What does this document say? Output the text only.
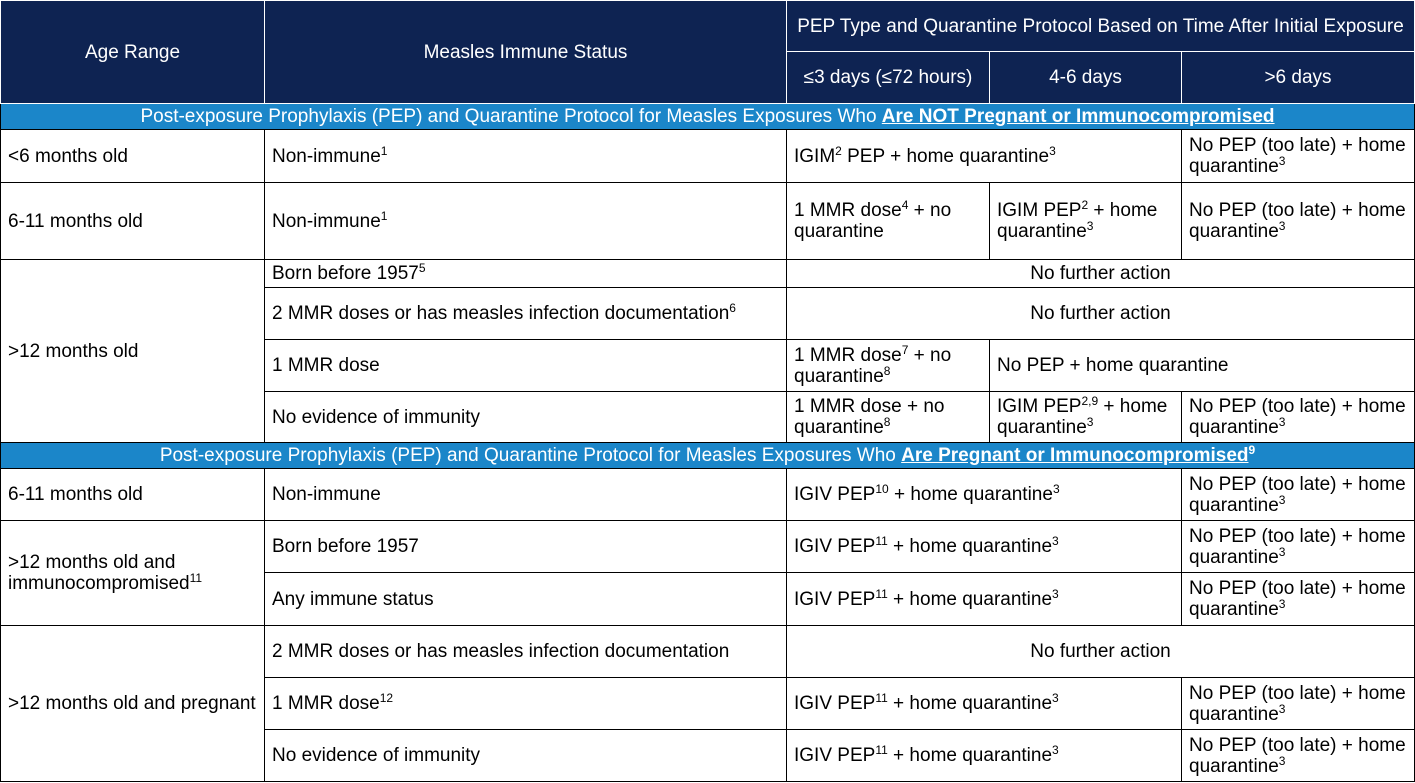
Age Range	Measles Immune Status	PEP Type and Quarantine Protocol Based on Time After Initial Exposure		
		≤3 days (≤72 hours)	4-6 days	>6 days
Post-exposure Prophylaxis (PEP) and Quarantine Protocol for Measles Exposures Who Are NOT Pregnant or Immunocompromised				
<6 months old	Non-immune$^1$	IGIM$^2$ PEP + home quarantine$^3$		No PEP (too late) + home quarantine$^3$
6-11 months old	Non-immune$^1$	1 MMR dose$^4$ + no quarantine	IGIM $PEP^2$ + home quarantine$^3$	No PEP (too late) + home quarantine$^3$
>12 months old	Born before 1957$^5$	No further action		
	2 MMR doses or has measles infection documentation$^6$	No further action		
	1 MMR dose	1 MMR dose$^7$ + no quarantine$^8$	No PEP + home quarantine	
	No evidence of immunity	1 MMR dose + no quarantine$^8$	IGIM PEP$^{2,9}$ + home quarantine$^3$	No PEP (too late) + home quarantine$^3$
Post-exposure Prophylaxis (PEP) and Quarantine Protocol for Measles Exposures Who Are Pregnant or Immunocompromised$^9$
6-11 months old	Non-immune	IGIV $PEP^{10}$ + home quarantine$^3$		No PEP (too late) + home quarantine$^3$
>12 months old and immunocompromised$^{11}$	Born before 1957	IGIV $PEP^{11}$ + home quarantine$^3$		No PEP (too late) + home quarantine$^3$
	Any immune status	IGIV $PEP^{11}$ + home quarantine$^3$		No PEP (too late) + home quarantine$^3$
>12 months old and pregnant	2 MMR doses or has measles infection documentation	No further action		
	1 MMR dose$^{12}$	IGIV $PEP^{11}$ + home quarantine$^3$		No PEP (too late) + home quarantine$^3$
	No evidence of immunity	IGIV $PEP^{11}$ + home quarantine$^3$		No PEP (too late) + home quarantine$^3$
